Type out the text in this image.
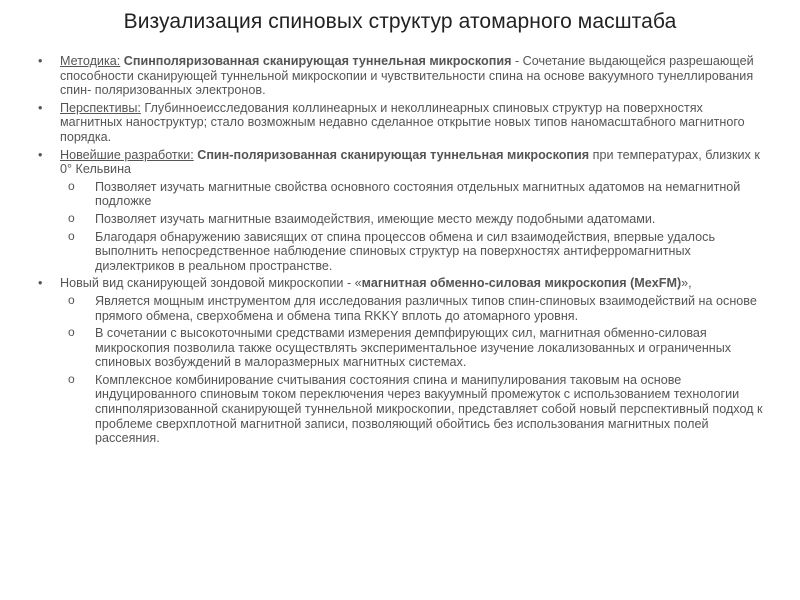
Визуализация спиновых структур атомарного масштаба
•	Методика: Спинполяризованная сканирующая туннельная микроскопия - Сочетание выдающейся разрешающей способности сканирующей туннельной микроскопии и чувствительности спина на основе вакуумного тунеллирования спин- поляризованных электронов.
•	Перспективы: Глубинноеисследования коллинеарных и неколлинеарных спиновых структур на поверхностях магнитных наноструктур; стало возможным недавно сделанное открытие новых типов наномасштабного магнитного порядка.
•	Новейшие разработки: Спин-поляризованная сканирующая туннельная микроскопия при температурах, близких к 0° Кельвина
o Позволяет изучать магнитные свойства основного состояния отдельных магнитных адатомов на немагнитной подложке
o Позволяет изучать магнитные взаимодействия, имеющие место между подобными адатомами.
o Благодаря обнаружению зависящих от спина процессов обмена и сил взаимодействия, впервые удалось выполнить непосредственное наблюдение спиновых структур на поверхностях антиферромагнитных диэлектриков в реальном пространстве.
•	Новый вид сканирующей зондовой микроскопии - «магнитная обменно-силовая микроскопия (MexFM)»,
o Является мощным инструментом для исследования различных типов спин-спиновых взаимодействий на основе прямого обмена, сверхобмена и обмена типа RKKY вплоть до атомарного уровня.
o В сочетании с высокоточными средствами измерения демпфирующих сил, магнитная обменно-силовая микроскопия позволила также осуществлять экспериментальное изучение локализованных и ограниченных спиновых возбуждений в малоразмерных магнитных системах.
o Комплексное комбинирование считывания состояния спина и манипулирования таковым на основе индуцированного спиновым током переключения через вакуумный промежуток с использованием технологии спинполяризованной сканирующей туннельной микроскопии, представляет собой новый перспективный подход к проблеме сверхплотной магнитной записи, позволяющий обойтись без использования магнитных полей рассеяния.
